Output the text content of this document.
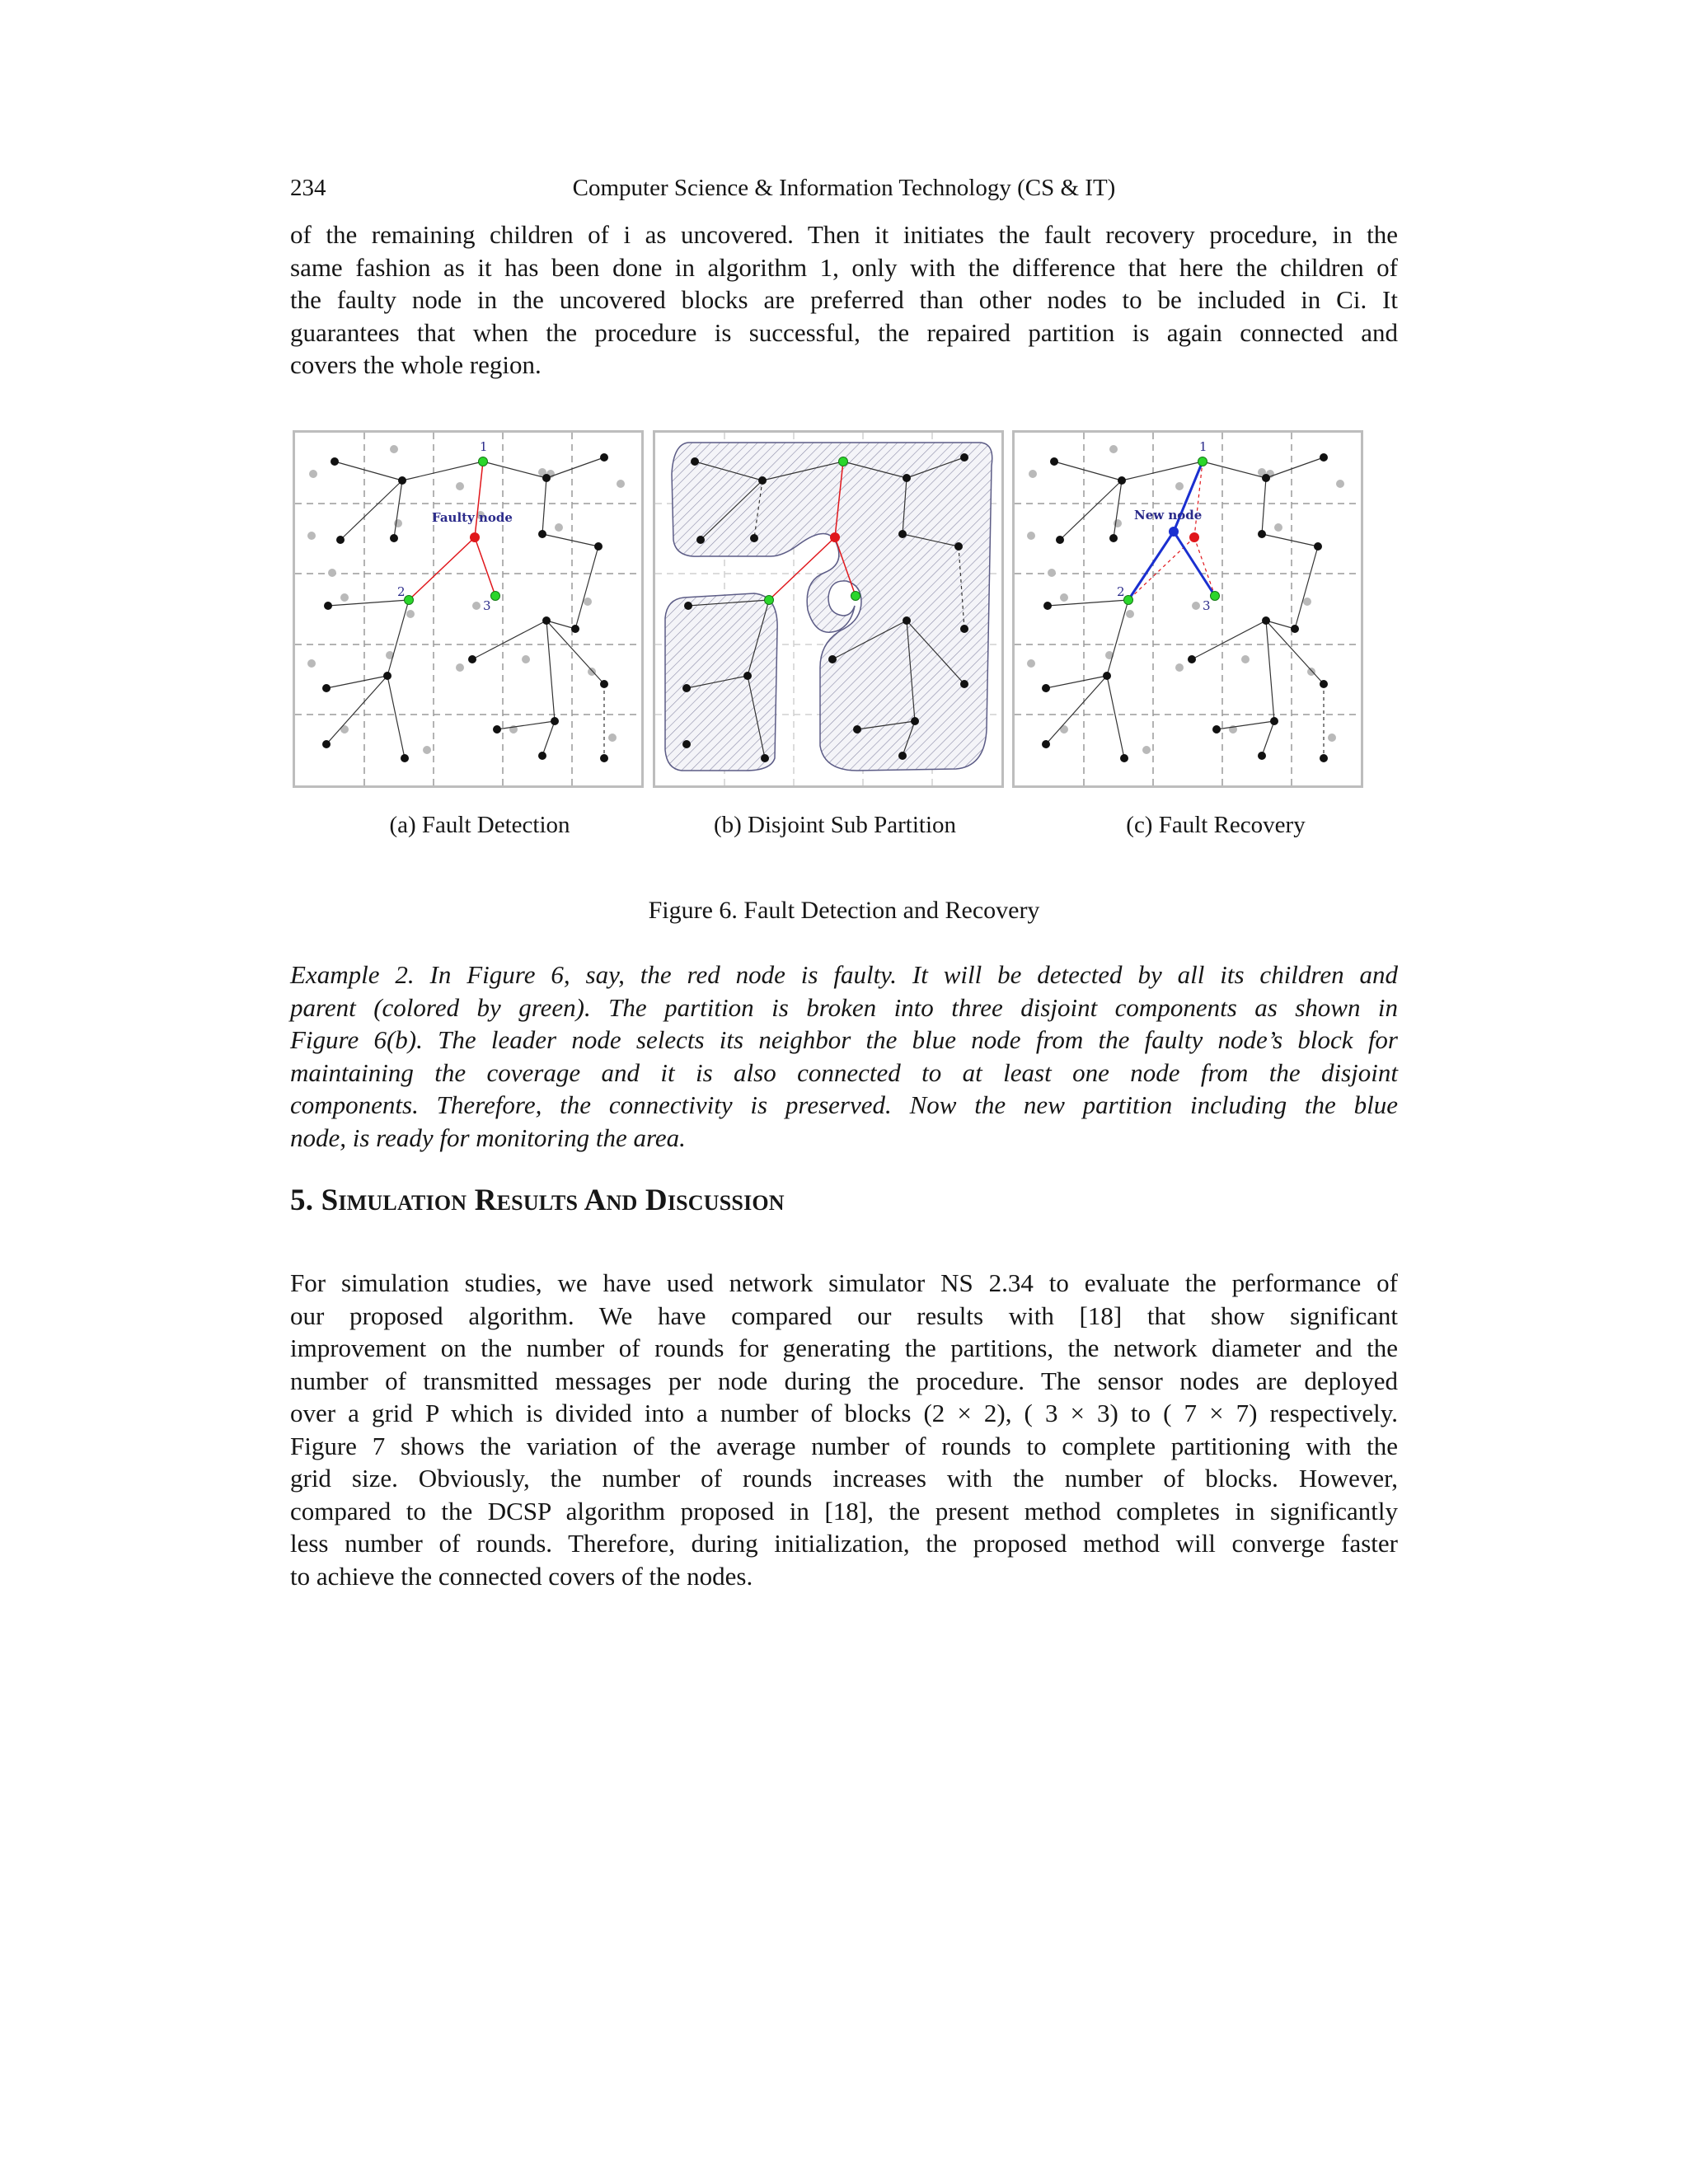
234	Computer Science & Information Technology (CS & IT)
of the remaining children of i as uncovered. Then it initiates the fault recovery procedure, in the
same fashion as it has been done in algorithm 1, only with the difference that here the children of
the faulty node in the uncovered blocks are preferred than other nodes to be included in Ci. It
guarantees that when the procedure is successful, the repaired partition is again connected and
covers the whole region.
1
2
3
Faulty node
1
2
3
New node
(a) Fault Detection	(b) Disjoint Sub Partition	(c) Fault Recovery
Figure 6. Fault Detection and Recovery
Example 2. In Figure 6, say, the red node is faulty. It will be detected by all its children and
parent (colored by green). The partition is broken into three disjoint components as shown in
Figure 6(b). The leader node selects its neighbor the blue node from the faulty node’s block for
maintaining the coverage and it is also connected to at least one node from the disjoint
components. Therefore, the connectivity is preserved. Now the new partition including the blue
node, is ready for monitoring the area.
5. Simulation Results And Discussion
For simulation studies, we have used network simulator NS 2.34 to evaluate the performance of
our proposed algorithm. We have compared our results with [18] that show significant
improvement on the number of rounds for generating the partitions, the network diameter and the
number of transmitted messages per node during the procedure. The sensor nodes are deployed
over a grid P which is divided into a number of blocks (2 × 2), ( 3 × 3) to ( 7 × 7) respectively.
Figure 7 shows the variation of the average number of rounds to complete partitioning with the
grid size. Obviously, the number of rounds increases with the number of blocks. However,
compared to the DCSP algorithm proposed in [18], the present method completes in significantly
less number of rounds. Therefore, during initialization, the proposed method will converge faster
to achieve the connected covers of the nodes.
